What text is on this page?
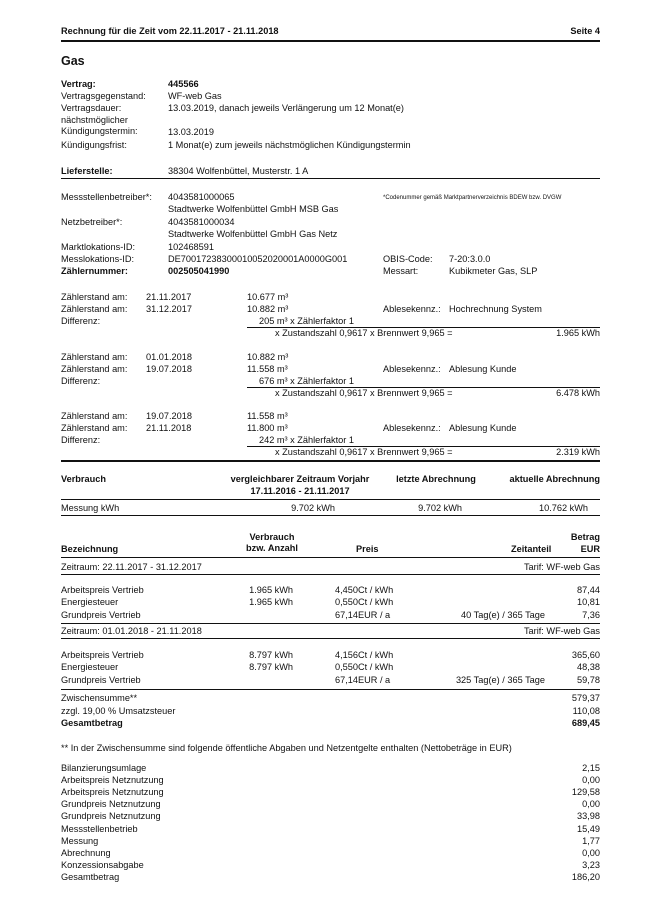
Rechnung für die Zeit vom 22.11.2017 - 21.11.2018	Seite 4
Gas
Vertrag:	445566
Vertragsgegenstand: WF-web Gas
Vertragsdauer:	13.03.2019, danach jeweils Verlängerung um 12 Monat(e)
nächstmöglicher
Kündigungstermin:	13.03.2019
Kündigungsfrist:	1 Monat(e) zum jeweils nächstmöglichen Kündigungstermin
Lieferstelle:	38304 Wolfenbüttel, Musterstr. 1 A
Messstellenbetreiber*: 4043581000065	*Codenummer gemäß Marktpartnerverzeichnis BDEW bzw. DVGW
Stadtwerke Wolfenbüttel GmbH MSB Gas
Netzbetreiber*:	4043581000034
Stadtwerke Wolfenbüttel GmbH Gas Netz
Marktlokations-ID:	102468591
Messlokations-ID:	DE70017238300010052020001A0000G001	OBIS-Code: 7-20:3.0.0
Zählernummer:	002505041990	Messart:	Kubikmeter Gas, SLP
Zählerstand am: 21.11.2017	10.677 m³
Zählerstand am: 31.12.2017	10.882 m³	Ablesekennz.: Hochrechnung System
Differenz:	205 m³ x Zählerfaktor 1
x Zustandszahl 0,9617 x Brennwert 9,965 =	1.965 kWh
Zählerstand am: 01.01.2018	10.882 m³
Zählerstand am: 19.07.2018	11.558 m³	Ablesekennz.: Ablesung Kunde
Differenz:	676 m³ x Zählerfaktor 1
x Zustandszahl 0,9617 x Brennwert 9,965 =	6.478 kWh
Zählerstand am: 19.07.2018	11.558 m³
Zählerstand am: 21.11.2018	11.800 m³	Ablesekennz.: Ablesung Kunde
Differenz:	242 m³ x Zählerfaktor 1
x Zustandszahl 0,9617 x Brennwert 9,965 =	2.319 kWh
Verbrauch	vergleichbarer Zeitraum Vorjahr
17.11.2016 - 21.11.2017
letzte Abrechnung	aktuelle Abrechnung
Messung kWh	9.702 kWh	9.702 kWh	10.762 kWh
Verbrauch
bzw. Anzahl
Betrag
Bezeichnung	Preis	Zeitanteil	EUR
Zeitraum: 22.11.2017 - 31.12.2017	Tarif: WF-web Gas
Arbeitspreis Vertrieb	1.965 kWh	4,450Ct / kWh	87,44
Energiesteuer	1.965 kWh	0,550Ct / kWh	10,81
Grundpreis Vertrieb	67,14EUR / a	40 Tag(e) / 365 Tage	7,36
Zeitraum: 01.01.2018 - 21.11.2018	Tarif: WF-web Gas
Arbeitspreis Vertrieb	8.797 kWh	4,156Ct / kWh	365,60
Energiesteuer	8.797 kWh	0,550Ct / kWh	48,38
Grundpreis Vertrieb	67,14EUR / a	325 Tag(e) / 365 Tage	59,78
Zwischensumme**	579,37
zzgl. 19,00 % Umsatzsteuer	110,08
Gesamtbetrag	689,45
** In der Zwischensumme sind folgende öffentliche Abgaben und Netzentgelte enthalten (Nettobeträge in EUR)
Bilanzierungsumlage	2,15
Arbeitspreis Netznutzung	0,00
Arbeitspreis Netznutzung	129,58
Grundpreis Netznutzung	0,00
Grundpreis Netznutzung	33,98
Messstellenbetrieb	15,49
Messung	1,77
Abrechnung	0,00
Konzessionsabgabe	3,23
Gesamtbetrag	186,20
